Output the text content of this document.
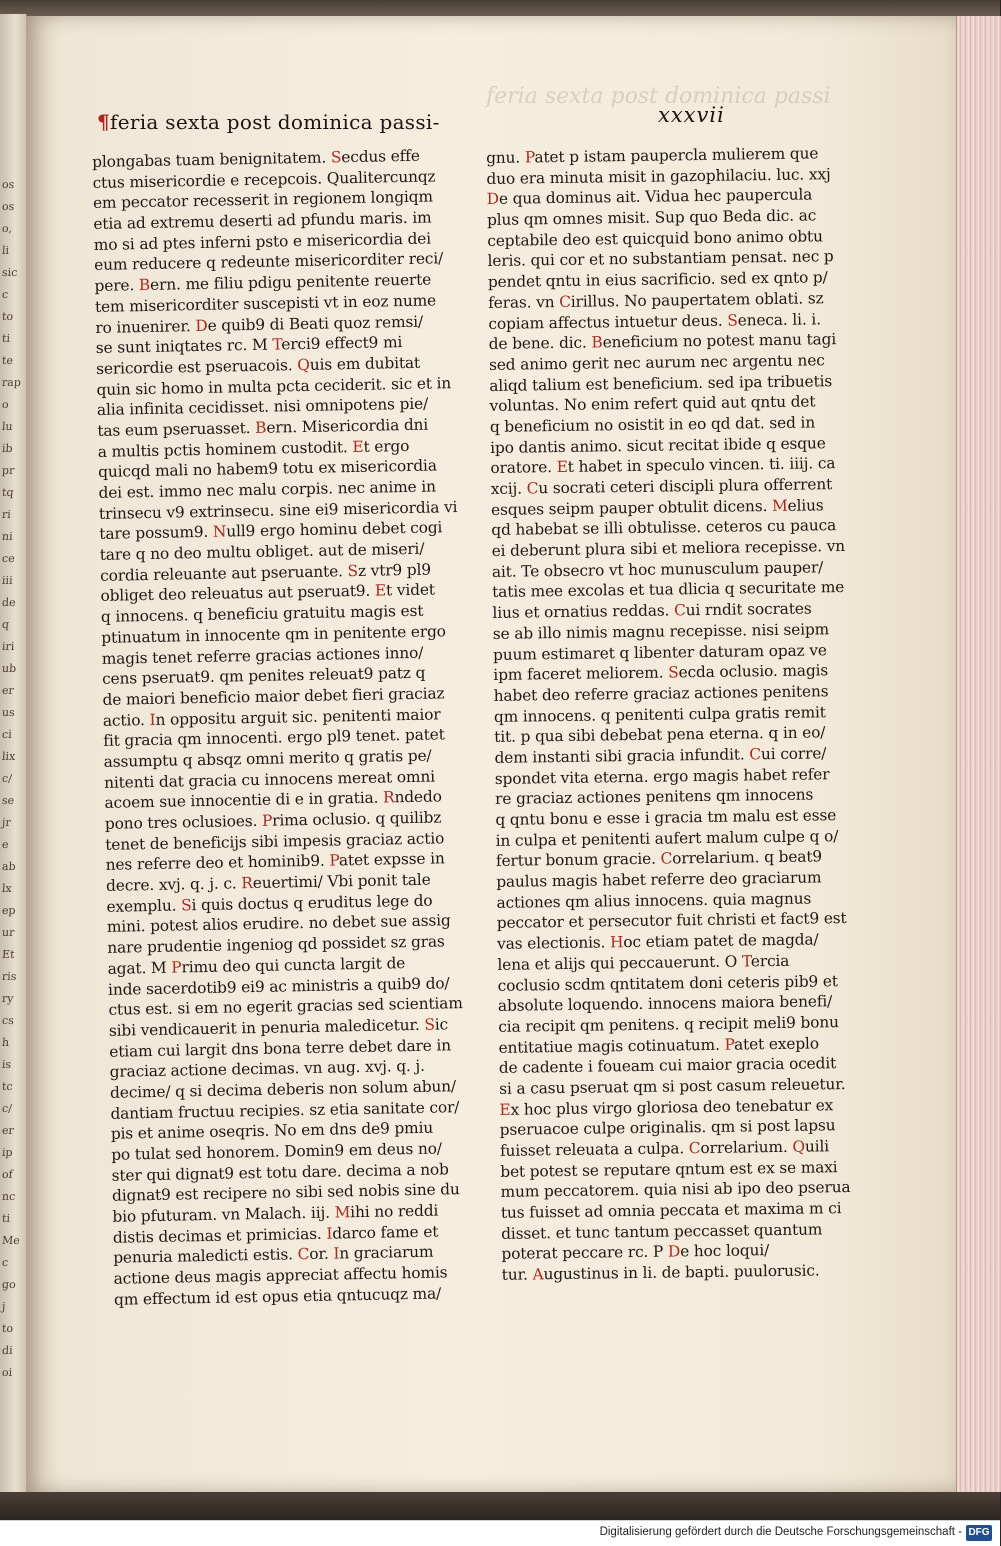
os
os
o,
li
sic
c
to
ti
te
rap
o
lu
ib
pr
tq
ri
ni
ce
iii
de
q
iri
ub
er
us
ci
lix
c/
se
jr
e
ab
lx
ep
ur
Et
ris
ry
cs
h
is
tc
c/
er
ip
of
nc
ti
Me
c
go
j
to
di
oi
feria sexta post dominica passi
¶feria sexta post dominica passi-	xxxvii
plongabas tuam benignitatem. Secdus effe
ctus misericordie e recepcois. Qualitercunqz
em peccator recesserit in regionem longiqm
etia ad extremu deserti ad pfundu maris. im
mo si ad ptes inferni psto e misericordia dei
eum reducere q redeunte misericorditer reci/
pere. Bern. me filiu pdigu penitente reuerte
tem misericorditer suscepisti vt in eoz nume
ro inuenirer. De quib9 di Beati quoz remsi/
se sunt iniqtates rc. M Terci9 effect9 mi
sericordie est pseruacois. Quis em dubitat
quin sic homo in multa pcta ceciderit. sic et in
alia infinita cecidisset. nisi omnipotens pie/
tas eum pseruasset. Bern. Misericordia dni
a multis pctis hominem custodit. Et ergo
quicqd mali no habem9 totu ex misericordia
dei est. immo nec malu corpis. nec anime in
trinsecu v9 extrinsecu. sine ei9 misericordia vi
tare possum9. Null9 ergo hominu debet cogi
tare q no deo multu obliget. aut de miseri/
cordia releuante aut pseruante. Sz vtr9 pl9
obliget deo releuatus aut pseruat9. Et videt
q innocens. q beneficiu gratuitu magis est
ptinuatum in innocente qm in penitente ergo
magis tenet referre gracias actiones inno/
cens pseruat9. qm penites releuat9 patz q
de maiori beneficio maior debet fieri graciaz
actio. In oppositu arguit sic. penitenti maior
fit gracia qm innocenti. ergo pl9 tenet. patet
assumptu q absqz omni merito q gratis pe/
nitenti dat gracia cu innocens mereat omni
acoem sue innocentie di e in gratia. Rndedo
pono tres oclusioes. Prima oclusio. q quilibz
tenet de beneficijs sibi impesis graciaz actio
nes referre deo et hominib9. Patet expsse in
decre. xvj. q. j. c. Reuertimi/ Vbi ponit tale
exemplu. Si quis doctus q eruditus lege do
mini. potest alios erudire. no debet sue assig
nare prudentie ingeniog qd possidet sz gras
agat. M Primu deo qui cuncta largit de
inde sacerdotib9 ei9 ac ministris a quib9 do/
ctus est. si em no egerit gracias sed scientiam
sibi vendicauerit in penuria maledicetur. Sic
etiam cui largit dns bona terre debet dare in
graciaz actione decimas. vn aug. xvj. q. j.
decime/ q si decima deberis non solum abun/
dantiam fructuu recipies. sz etia sanitate cor/
pis et anime oseqris. No em dns de9 pmiu
po tulat sed honorem. Domin9 em deus no/
ster qui dignat9 est totu dare. decima a nob
dignat9 est recipere no sibi sed nobis sine du
bio pfuturam. vn Malach. iij. Mihi no reddi
distis decimas et primicias. Idarco fame et
penuria maledicti estis. Cor. In graciarum
actione deus magis appreciat affectu homis
qm effectum id est opus etia qntucuqz ma/
gnu. Patet p istam paupercla mulierem que
duo era minuta misit in gazophilaciu. luc. xxj
De qua dominus ait. Vidua hec paupercula
plus qm omnes misit. Sup quo Beda dic. ac
ceptabile deo est quicquid bono animo obtu
leris. qui cor et no substantiam pensat. nec p
pendet qntu in eius sacrificio. sed ex qnto p/
feras. vn Cirillus. No paupertatem oblati. sz
copiam affectus intuetur deus. Seneca. li. i.
de bene. dic. Beneficium no potest manu tagi
sed animo gerit nec aurum nec argentu nec
aliqd talium est beneficium. sed ipa tribuetis
voluntas. No enim refert quid aut qntu det
q beneficium no osistit in eo qd dat. sed in
ipo dantis animo. sicut recitat ibide q esque
oratore. Et habet in speculo vincen. ti. iiij. ca
xcij. Cu socrati ceteri discipli plura offerrent
esques seipm pauper obtulit dicens. Melius
qd habebat se illi obtulisse. ceteros cu pauca
ei deberunt plura sibi et meliora recepisse. vn
ait. Te obsecro vt hoc munusculum pauper/
tatis mee excolas et tua dlicia q securitate me
lius et ornatius reddas. Cui rndit socrates
se ab illo nimis magnu recepisse. nisi seipm
puum estimaret q libenter daturam opaz ve
ipm faceret meliorem. Secda oclusio. magis
habet deo referre graciaz actiones penitens
qm innocens. q penitenti culpa gratis remit
tit. p qua sibi debebat pena eterna. q in eo/
dem instanti sibi gracia infundit. Cui corre/
spondet vita eterna. ergo magis habet refer
re graciaz actiones penitens qm innocens
q qntu bonu e esse i gracia tm malu est esse
in culpa et penitenti aufert malum culpe q o/
fertur bonum gracie. Correlarium. q beat9
paulus magis habet referre deo graciarum
actiones qm alius innocens. quia magnus
peccator et persecutor fuit christi et fact9 est
vas electionis. Hoc etiam patet de magda/
lena et alijs qui peccauerunt. O Tercia
coclusio scdm qntitatem doni ceteris pib9 et
absolute loquendo. innocens maiora benefi/
cia recipit qm penitens. q recipit meli9 bonu
entitatiue magis cotinuatum. Patet exeplo
de cadente i foueam cui maior gracia ocedit
si a casu pseruat qm si post casum releuetur.
Ex hoc plus virgo gloriosa deo tenebatur ex
pseruacoe culpe originalis. qm si post lapsu
fuisset releuata a culpa. Correlarium. Quili
bet potest se reputare qntum est ex se maxi
mum peccatorem. quia nisi ab ipo deo pserua
tus fuisset ad omnia peccata et maxima m ci
disset. et tunc tantum peccasset quantum
poterat peccare rc. P De hoc loqui/
tur. Augustinus in li. de bapti. puulorusic.
Digitalisierung gefördert durch die Deutsche Forschungsgemeinschaft - DFG
